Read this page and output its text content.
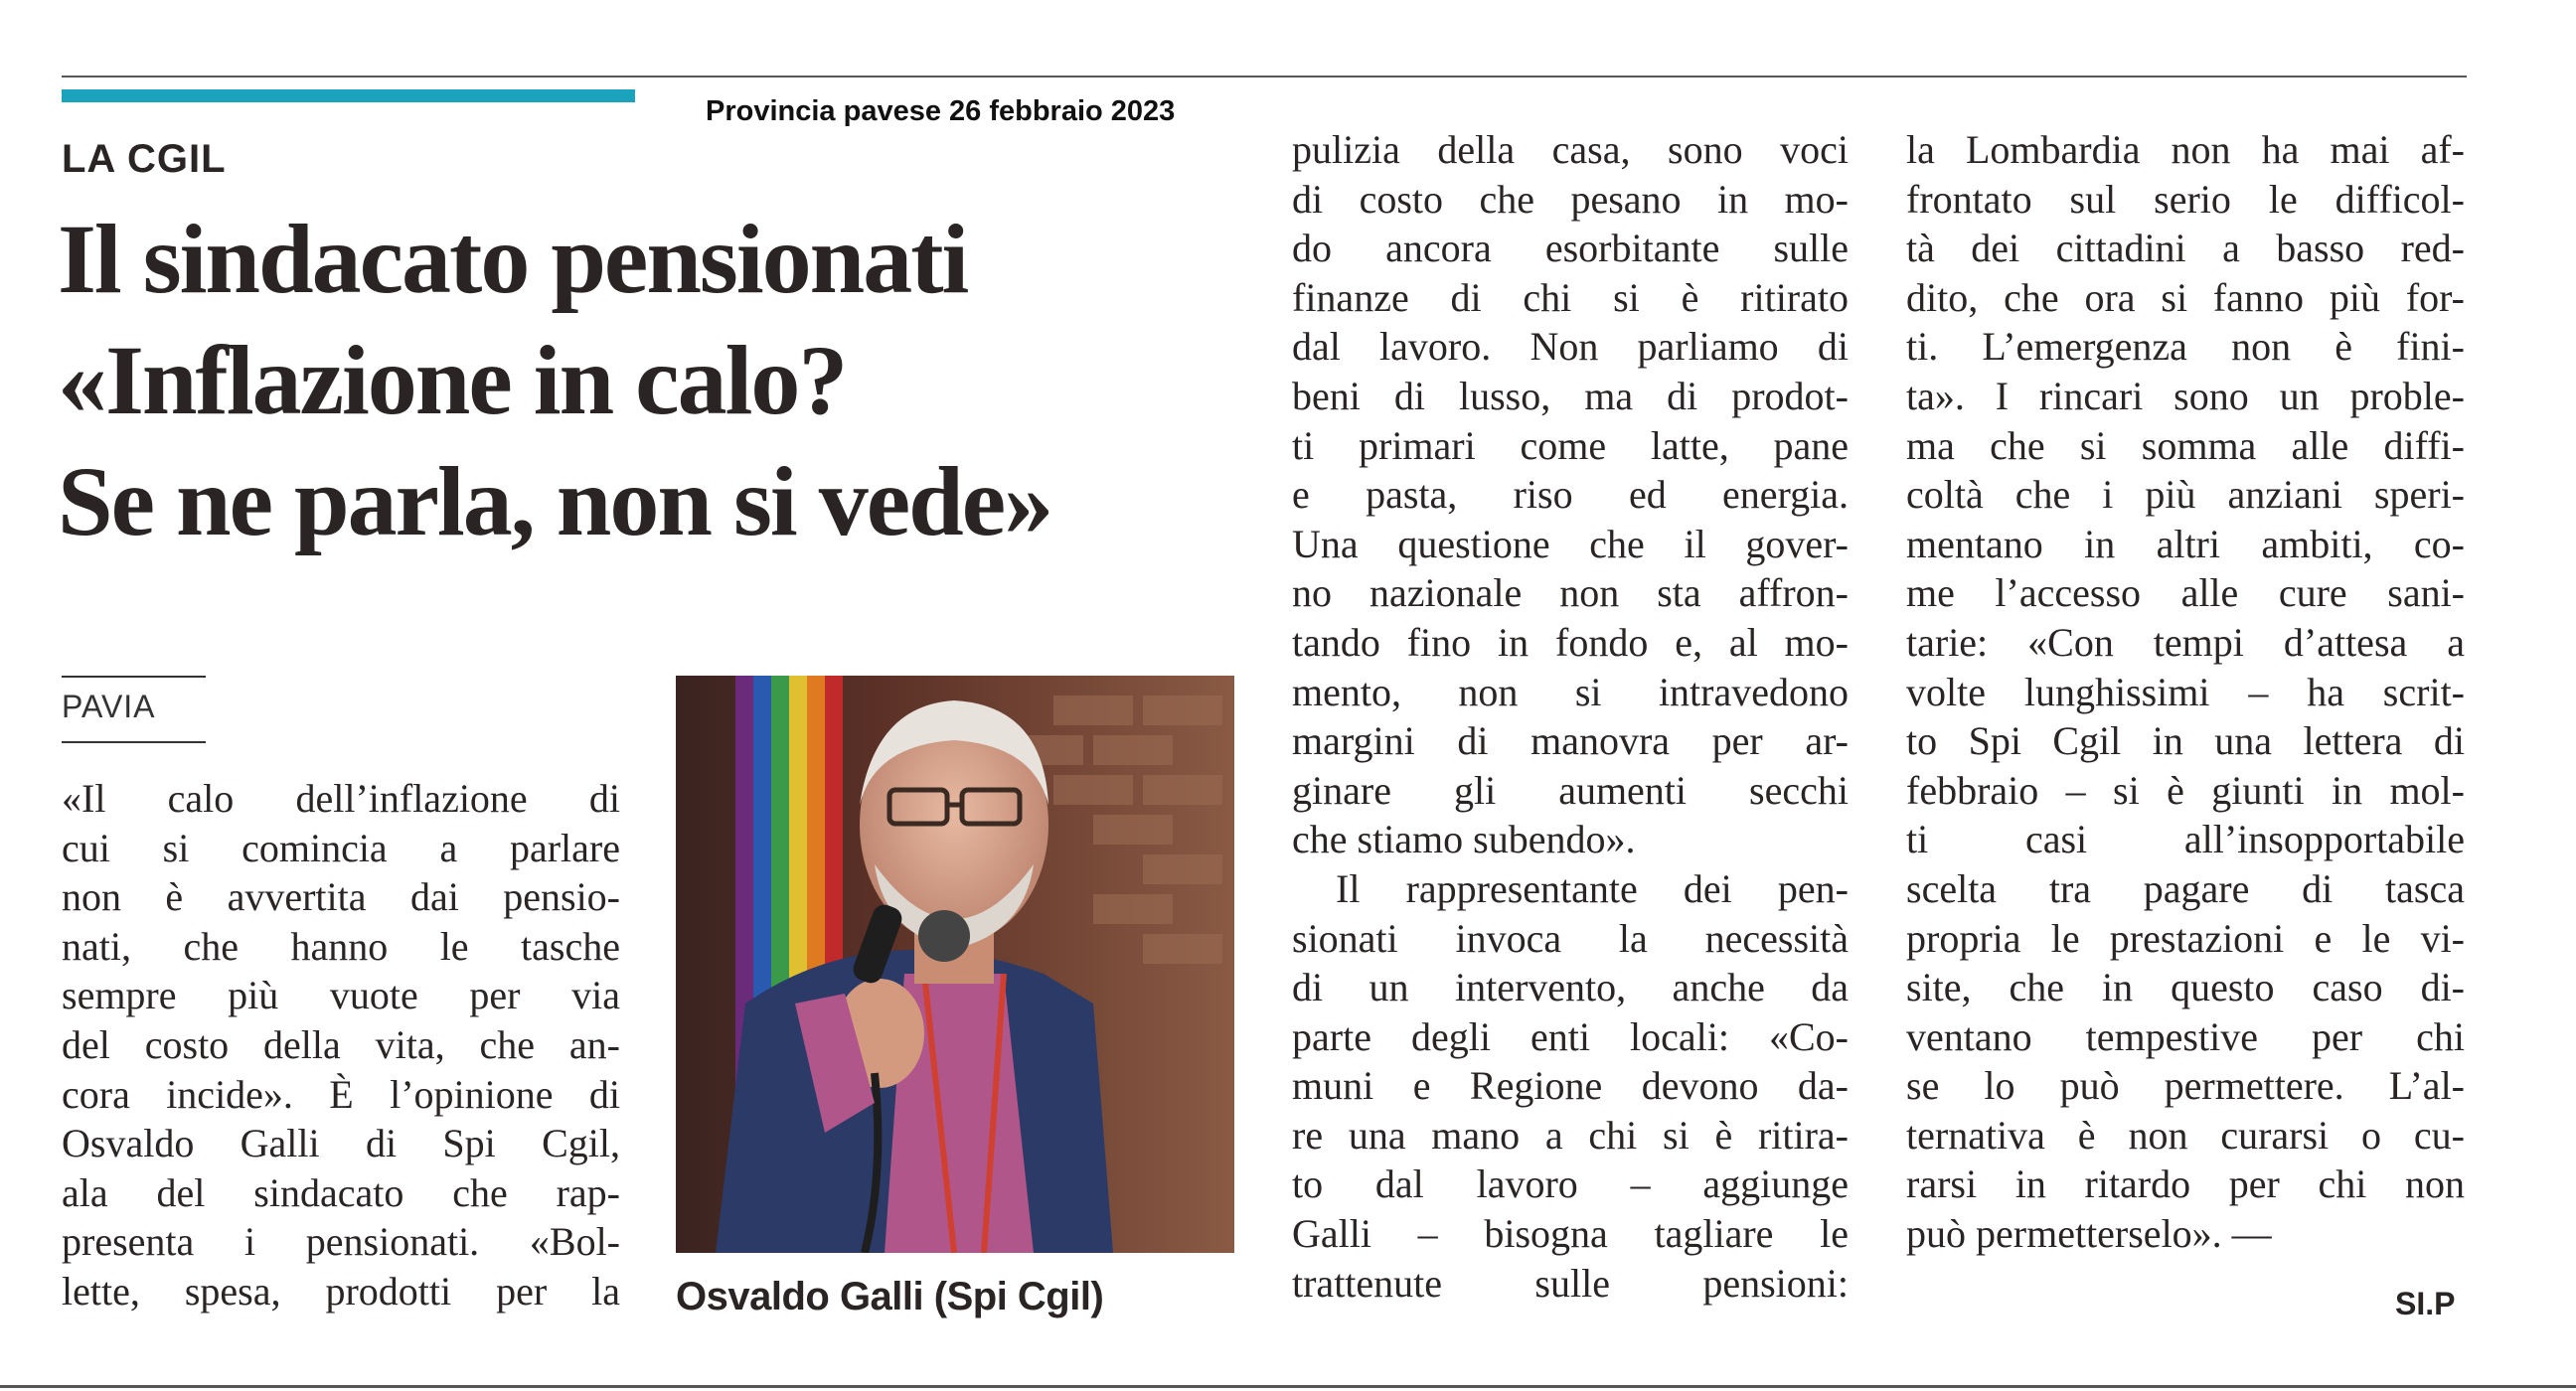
Provincia pavese 26 febbraio 2023
LA CGIL
Il sindacato pensionati
«Inflazione in calo?
Se ne parla, non si vede»
PAVIA
«Il calo dell’inflazione di
cui si comincia a parlare
non è avvertita dai pensio-
nati, che hanno le tasche
sempre più vuote per via
del costo della vita, che an-
cora incide». È l’opinione di
Osvaldo Galli di Spi Cgil,
ala del sindacato che rap-
presenta i pensionati. «Bol-
lette, spesa, prodotti per la Osvaldo Galli (Spi Cgil)
pulizia della casa, sono voci
di costo che pesano in mo-
do ancora esorbitante sulle
finanze di chi si è ritirato
dal lavoro. Non parliamo di
beni di lusso, ma di prodot-
ti primari come latte, pane
e pasta, riso ed energia.
Una questione che il gover-
no nazionale non sta affron-
tando fino in fondo e, al mo-
mento, non si intravedono
margini di manovra per ar-
ginare gli aumenti secchi
che stiamo subendo».
Il rappresentante dei pen-
sionati invoca la necessità
di un intervento, anche da
parte degli enti locali: «Co-
muni e Regione devono da-
re una mano a chi si è ritira-
to dal lavoro – aggiunge
Galli – bisogna tagliare le
trattenute sulle pensioni:
la Lombardia non ha mai af-
frontato sul serio le difficol-
tà dei cittadini a basso red-
dito, che ora si fanno più for-
ti. L’emergenza non è fini-
ta». I rincari sono un proble-
ma che si somma alle diffi-
coltà che i più anziani speri-
mentano in altri ambiti, co-
me l’accesso alle cure sani-
tarie: «Con tempi d’attesa a
volte lunghissimi – ha scrit-
to Spi Cgil in una lettera di
febbraio – si è giunti in mol-
ti casi all’insopportabile
scelta tra pagare di tasca
propria le prestazioni e le vi-
site, che in questo caso di-
ventano tempestive per chi
se lo può permettere. L’al-
ternativa è non curarsi o cu-
rarsi in ritardo per chi non
può permetterselo». —
SI.P
